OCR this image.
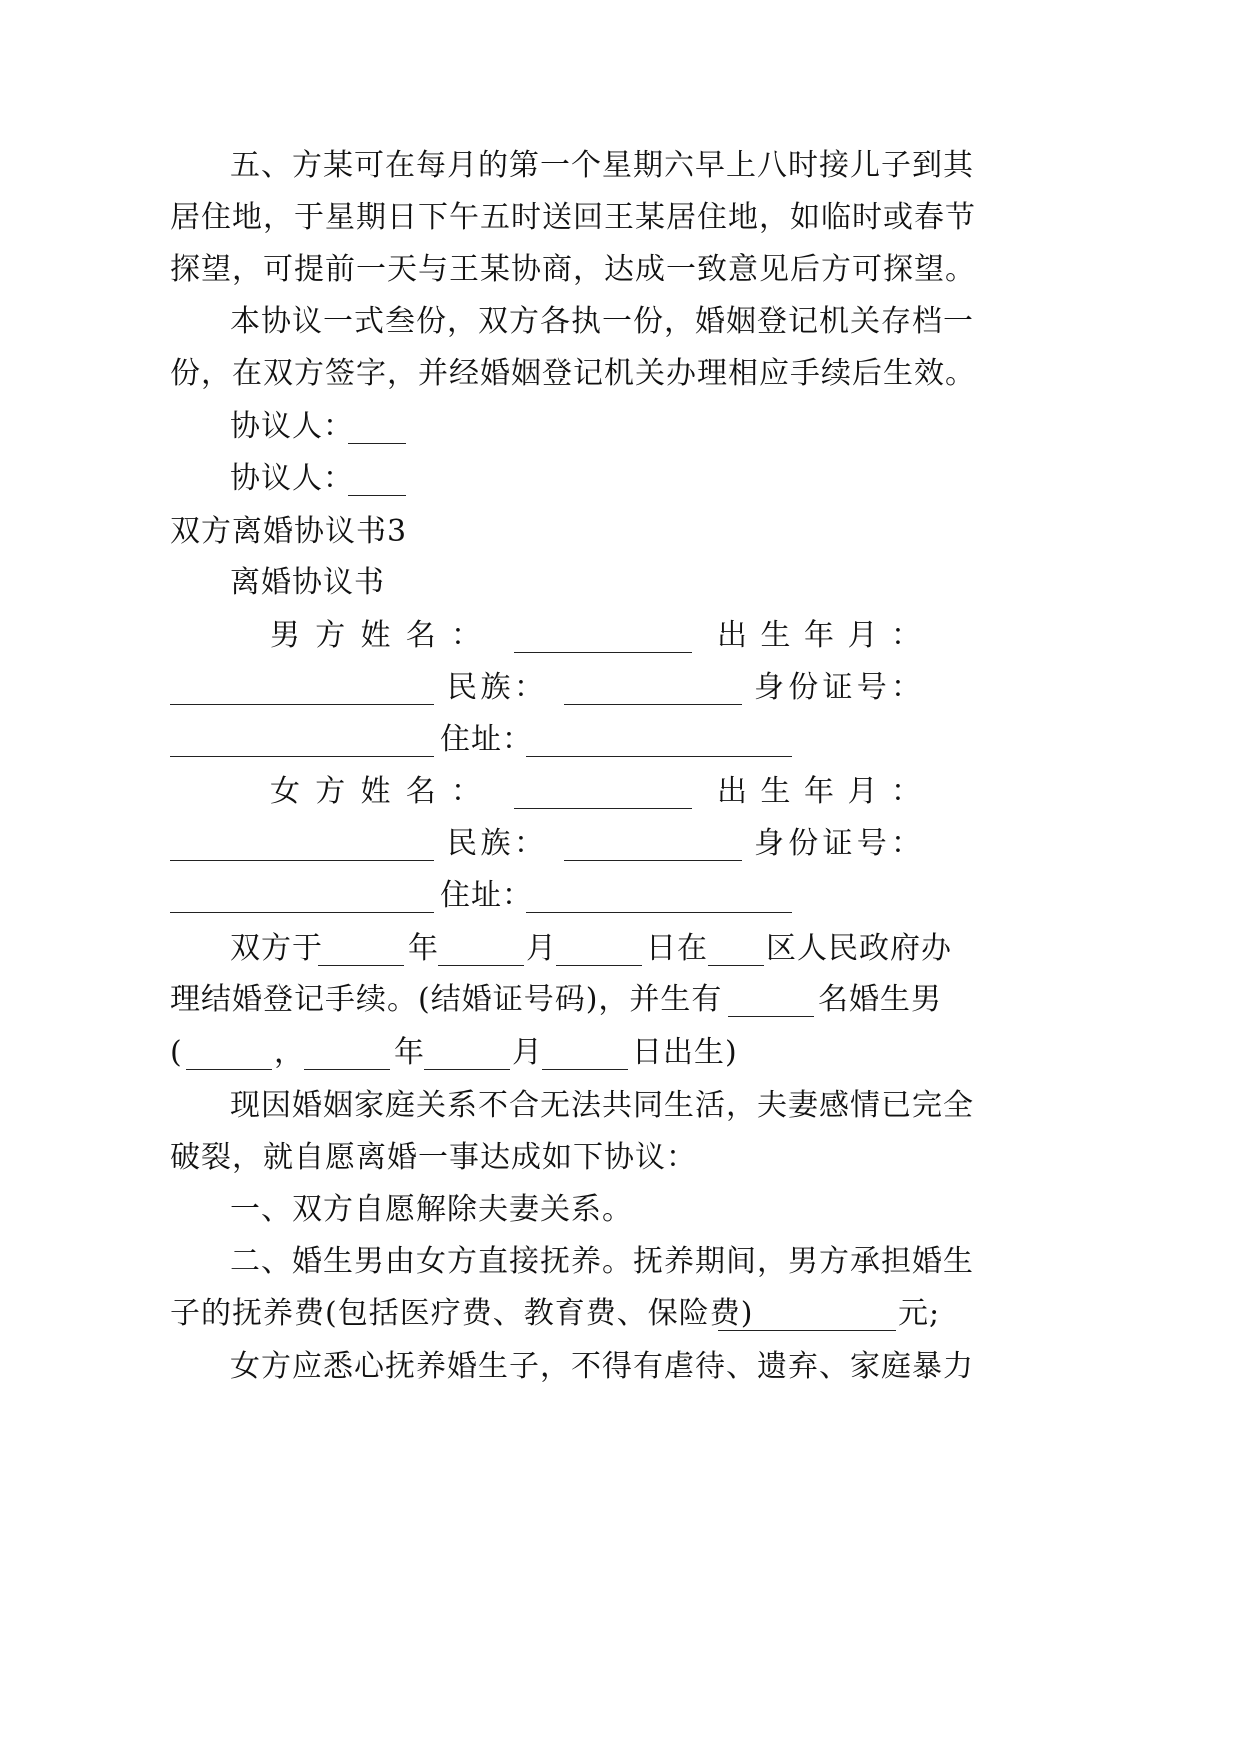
五、方某可在每月的第一个星期六早上八时接儿子到其
居住地，于星期日下午五时送回王某居住地，如临时或春节
探望，可提前一天与王某协商，达成一致意见后方可探望。
本协议一式叁份，双方各执一份，婚姻登记机关存档一
份，在双方签字，并经婚姻登记机关办理相应手续后生效。
协议人：
协议人：
双方离婚协议书3
离婚协议书
男 方 姓 名 ：	出 生 年 月 ：
民 族 ：	身 份 证 号 ：
住址：
女 方 姓 名 ：	出 生 年 月 ：
民 族 ：	身 份 证 号 ：
住址：
双方于	年	月	日在 区人民政府办
理结婚登记手续。(结婚证号码)，并生有	名婚生男
(	，	年	月	日出生)
现因婚姻家庭关系不合无法共同生活，夫妻感情已完全
破裂，就自愿离婚一事达成如下协议：
一、双方自愿解除夫妻关系。
二、婚生男由女方直接抚养。抚养期间，男方承担婚生
子的抚养费(包括医疗费、教育费、保险费)	元;
女方应悉心抚养婚生子，不得有虐待、遗弃、家庭暴力
